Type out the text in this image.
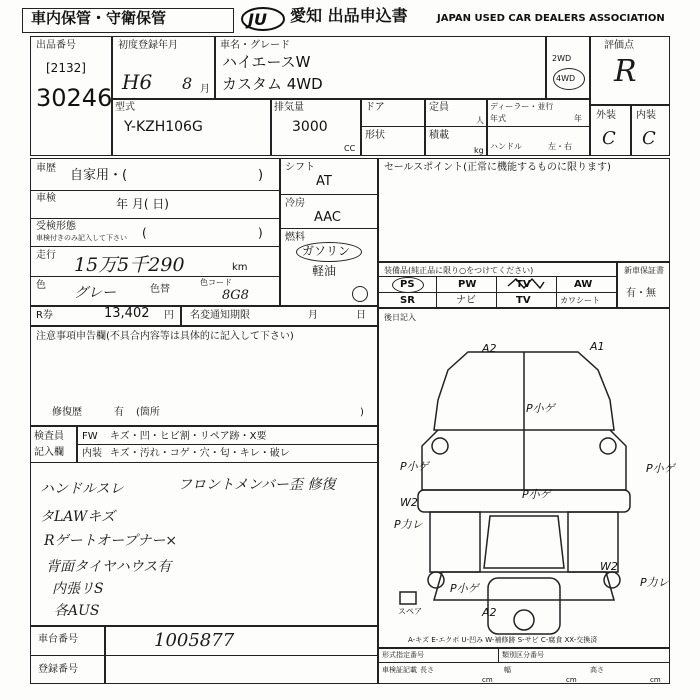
車内保管・守衛保管	JU 愛知 出品申込書	JAPAN USED CAR DEALERS ASSOCIATION
出品番号
[2132]
30246
初度登録年月
H6 8 月
車名・グレード
ハイエースW
カスタム 4WD
2WD
4WD
型式
Y-KZH106G
排気量
3000
CC
ドア
形状
定員
人
積載
kg
ディーラー・並行
年式	年
ハンドル	左・右
評価点
R
外装 内装
C C
車歴 自家用・(	)
車検	年 月( 日)
受検形態
車検付きのみ記入して下さい (	)
走行 15万5千290	km
色 グレー	色替
色コード
8G8
シフト
AT
冷房
AAC
燃料
ガソリン
軽油
セールスポイント(正常に機能するものに限ります)
装備品(純正品に限り○をつけてください)
PS	PW	TV	AW
SR	ナビ	TV	カワシート
新車保証書
有・無
R券	13,402 円 名変通知期限	月	日
注意事項申告欄(不具合内容等は具体的に記入して下さい)
修復歴	有 (箇所	)
検査員
記入欄
FW キズ・凹・ヒビ割・リペア跡・X要
内装 キズ・汚れ・コゲ・穴・匂・キレ・破レ
ハンドルスレ	フロントメンバー歪 修復
タLAWキズ
Rゲートオープナー×
背面タイヤハウス有
内張リS
各AUS
後日記入
A2	A1
P小ゲ
P小ゲ
P小ゲ
P小ゲ
W2
P力レ
P小ゲ
A2
W2
P力レ
スペア
A-キズ E-エクボ U-凹み W-補修跡 S-サビ C-腐食 XX-交換済
車台番号	1005877
登録番号
形式指定番号	類別区分番号
車検証記載 長さ
cm
幅
cm
高さ
cm
